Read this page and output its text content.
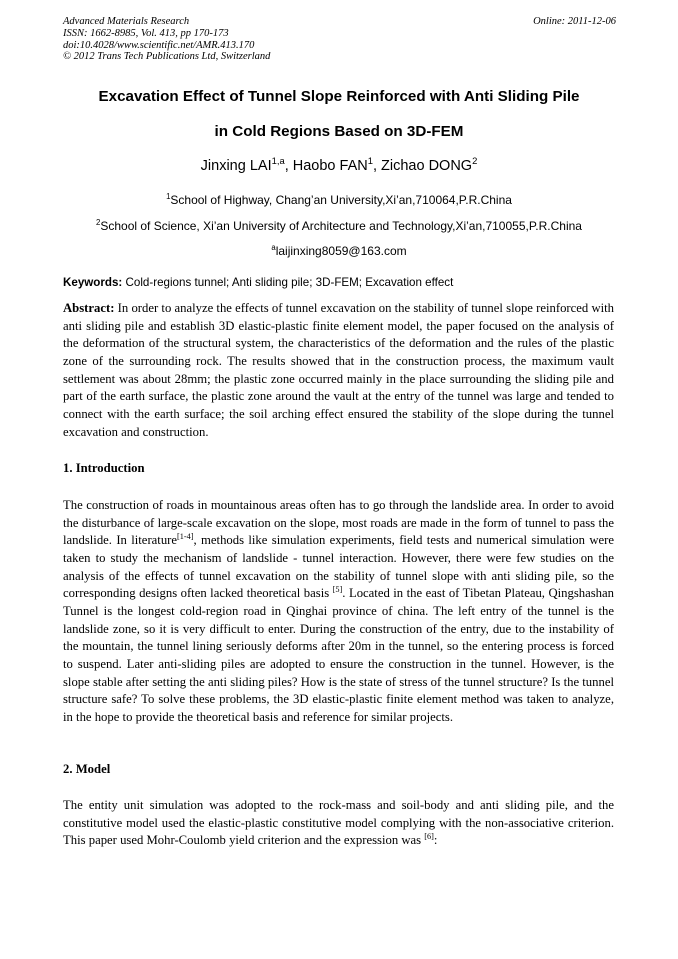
Advanced Materials Research
ISSN: 1662-8985, Vol. 413, pp 170-173
doi:10.4028/www.scientific.net/AMR.413.170
© 2012 Trans Tech Publications Ltd, Switzerland
Online: 2011-12-06
Excavation Effect of Tunnel Slope Reinforced with Anti Sliding Pile
in Cold Regions Based on 3D-FEM
Jinxing LAI$^{1,a}$, Haobo FAN$^1$, Zichao DONG$^2$
$^1$School of Highway, Chang’an University,Xi’an,710064,P.R.China
$^2$School of Science, Xi’an University of Architecture and Technology,Xi’an,710055,P.R.China
$^a$laijinxing8059@163.com
Keywords: Cold-regions tunnel; Anti sliding pile; 3D-FEM; Excavation effect
Abstract: In order to analyze the effects of tunnel excavation on the stability of tunnel slope reinforced with anti sliding pile and establish 3D elastic-plastic finite element model, the paper focused on the analysis of the deformation of the structural system, the characteristics of the deformation and the rules of the plastic zone of the surrounding rock. The results showed that in the construction process, the maximum vault settlement was about 28mm; the plastic zone occurred mainly in the place surrounding the sliding pile and part of the earth surface, the plastic zone around the vault at the entry of the tunnel was large and tended to connect with the earth surface; the soil arching effect ensured the stability of the slope during the tunnel excavation and construction.
1. Introduction
The construction of roads in mountainous areas often has to go through the landslide area. In order to avoid the disturbance of large-scale excavation on the slope, most roads are made in the form of tunnel to pass the landslide. In literature[1-4], methods like simulation experiments, field tests and numerical simulation were taken to study the mechanism of landslide - tunnel interaction. However, there were few studies on the analysis of the effects of tunnel excavation on the stability of tunnel slope with anti sliding pile, so the corresponding designs often lacked theoretical basis [5]. Located in the east of Tibetan Plateau, Qingshashan Tunnel is the longest cold-region road in Qinghai province of china. The left entry of the tunnel is the landslide zone, so it is very difficult to enter. During the construction of the entry, due to the instability of the mountain, the tunnel lining seriously deforms after 20m in the tunnel, so the entering process is forced to suspend. Later anti-sliding piles are adopted to ensure the construction in the tunnel. However, is the slope stable after setting the anti sliding piles? How is the state of stress of the tunnel structure? Is the tunnel structure safe? To solve these problems, the 3D elastic-plastic finite element method was taken to analyze, in the hope to provide the theoretical basis and reference for similar projects.
2. Model
The entity unit simulation was adopted to the rock-mass and soil-body and anti sliding pile, and the constitutive model used the elastic-plastic constitutive model complying with the non-associative criterion. This paper used Mohr-Coulomb yield criterion and the expression was [6]:
